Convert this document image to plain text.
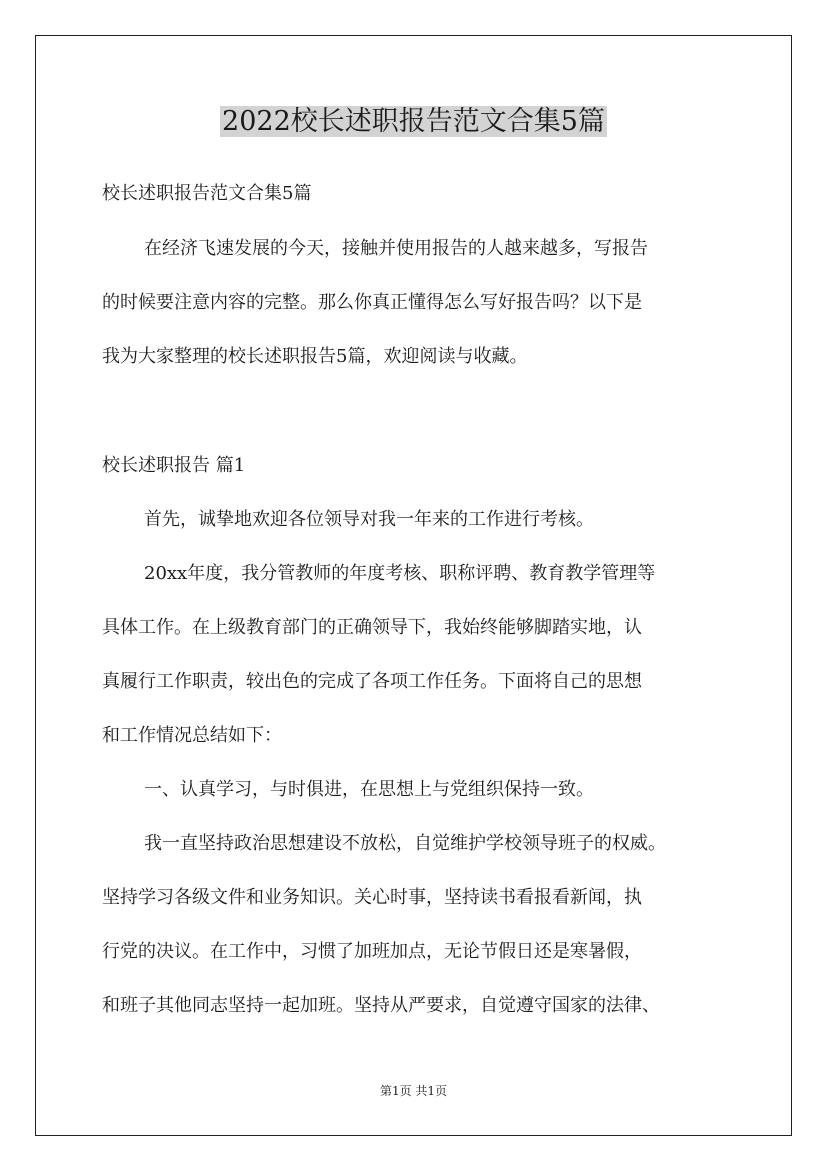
2022校长述职报告范文合集5篇

校长述职报告范文合集5篇

在经济飞速发展的今天，接触并使用报告的人越来越多，写报告

的时候要注意内容的完整。那么你真正懂得怎么写好报告吗？以下是

我为大家整理的校长述职报告5篇，欢迎阅读与收藏。

校长述职报告 篇1

首先，诚挚地欢迎各位领导对我一年来的工作进行考核。

20xx年度，我分管教师的年度考核、职称评聘、教育教学管理等

具体工作。在上级教育部门的正确领导下，我始终能够脚踏实地，认

真履行工作职责，较出色的完成了各项工作任务。下面将自己的思想

和工作情况总结如下：

一、认真学习，与时俱进，在思想上与党组织保持一致。

我一直坚持政治思想建设不放松，自觉维护学校领导班子的权威。

坚持学习各级文件和业务知识。关心时事，坚持读书看报看新闻，执

行党的决议。在工作中，习惯了加班加点，无论节假日还是寒暑假，

和班子其他同志坚持一起加班。坚持从严要求，自觉遵守国家的法律、

第1页 共1页
